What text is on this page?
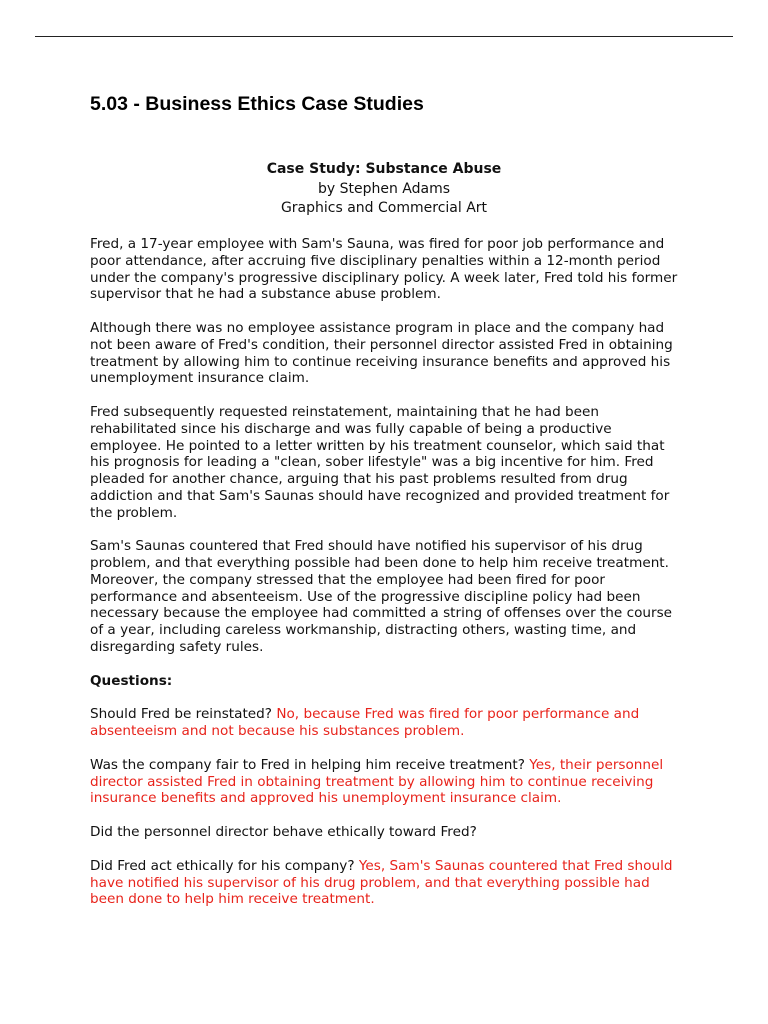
5.03 - Business Ethics Case Studies
Case Study: Substance Abuse
by Stephen Adams
Graphics and Commercial Art

Fred, a 17-year employee with Sam's Sauna, was fired for poor job performance and poor attendance, after accruing five disciplinary penalties within a 12-month period under the company's progressive disciplinary policy. A week later, Fred told his former supervisor that he had a substance abuse problem.

Although there was no employee assistance program in place and the company had not been aware of Fred's condition, their personnel director assisted Fred in obtaining treatment by allowing him to continue receiving insurance benefits and approved his unemployment insurance claim.

Fred subsequently requested reinstatement, maintaining that he had been rehabilitated since his discharge and was fully capable of being a productive employee. He pointed to a letter written by his treatment counselor, which said that his prognosis for leading a "clean, sober lifestyle" was a big incentive for him. Fred pleaded for another chance, arguing that his past problems resulted from drug addiction and that Sam's Saunas should have recognized and provided treatment for the problem.

Sam's Saunas countered that Fred should have notified his supervisor of his drug problem, and that everything possible had been done to help him receive treatment. Moreover, the company stressed that the employee had been fired for poor performance and absenteeism. Use of the progressive discipline policy had been necessary because the employee had committed a string of offenses over the course of a year, including careless workmanship, distracting others, wasting time, and disregarding safety rules.

Questions:

Should Fred be reinstated? No, because Fred was fired for poor performance and absenteeism and not because his substances problem.

Was the company fair to Fred in helping him receive treatment? Yes, their personnel director assisted Fred in obtaining treatment by allowing him to continue receiving insurance benefits and approved his unemployment insurance claim.

Did the personnel director behave ethically toward Fred?

Did Fred act ethically for his company? Yes, Sam's Saunas countered that Fred should have notified his supervisor of his drug problem, and that everything possible had been done to help him receive treatment.
